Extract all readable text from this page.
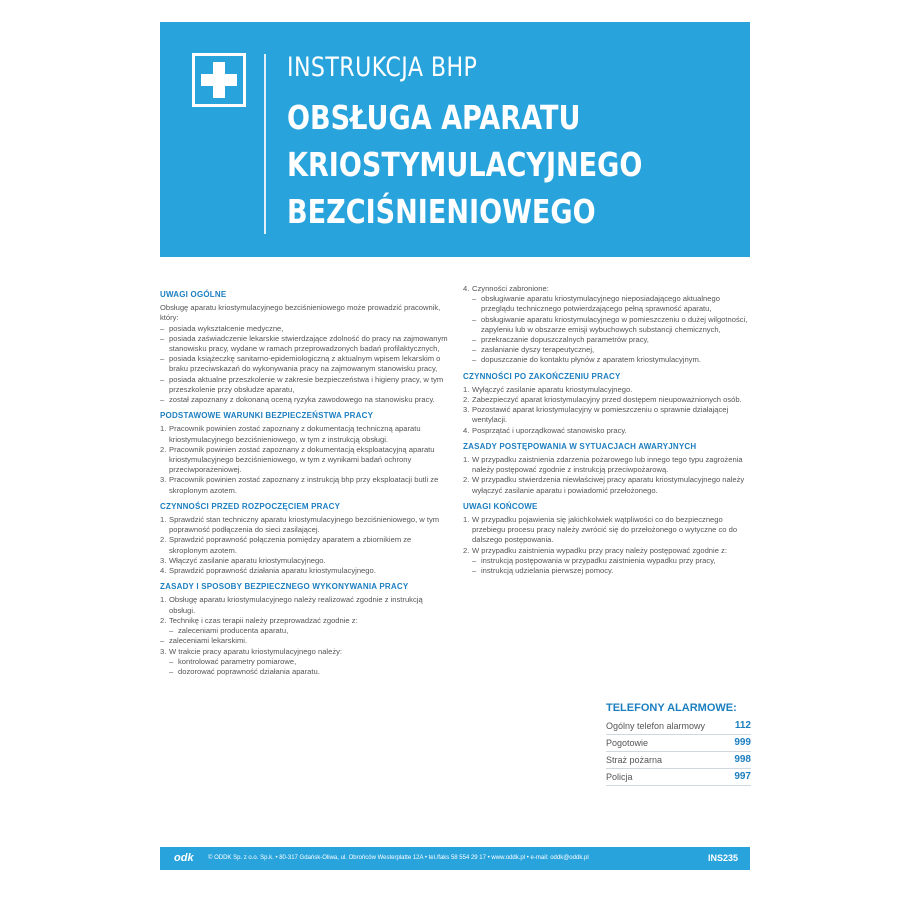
INSTRUKCJA BHP
OBSŁUGA APARATU
KRIOSTYMULACYJNEGO
BEZCIŚNIENIOWEGO
UWAGI OGÓLNE

Obsługę aparatu kriostymulacyjnego bezciśnieniowego może prowadzić pracownik, który:

– posiada wykształcenie medyczne,
– posiada zaświadczenie lekarskie stwierdzające zdolność do pracy na zajmowanym stanowisku pracy, wydane w ramach przeprowadzonych badań profilaktycznych,
– posiada książeczkę sanitarno-epidemiologiczną z aktualnym wpisem lekarskim o braku przeciwskazań do wykonywania pracy na zajmowanym stanowisku pracy,
– posiada aktualne przeszkolenie w zakresie bezpieczeństwa i higieny pracy, w tym przeszkolenie przy obsłudze aparatu,
– został zapoznany z dokonaną oceną ryzyka zawodowego na stanowisku pracy.
PODSTAWOWE WARUNKI BEZPIECZEŃSTWA PRACY
1. Pracownik powinien zostać zapoznany z dokumentacją techniczną aparatu kriostymulacyjnego bezciśnieniowego, w tym z instrukcją obsługi.
2. Pracownik powinien zostać zapoznany z dokumentacją eksploatacyjną aparatu kriostymulacyjnego bezciśnieniowego, w tym z wynikami badań ochrony przeciwporażeniowej.
3. Pracownik powinien zostać zapoznany z instrukcją bhp przy eksploatacji butli ze skroplonym azotem.
CZYNNOŚCI PRZED ROZPOCZĘCIEM PRACY
1. Sprawdzić stan techniczny aparatu kriostymulacyjnego bezciśnieniowego, w tym poprawność podłączenia do sieci zasilającej.
2. Sprawdzić poprawność połączenia pomiędzy aparatem a zbiornikiem ze skroplonym azotem.
3. Włączyć zasilanie aparatu kriostymulacyjnego.
4. Sprawdzić poprawność działania aparatu kriostymulacyjnego.
ZASADY I SPOSOBY BEZPIECZNEGO WYKONYWANIA PRACY
1. Obsługę aparatu kriostymulacyjnego należy realizować zgodnie z instrukcją obsługi.
2. Technikę i czas terapii należy przeprowadzać zgodnie z:
– zaleceniami producenta aparatu,
– zaleceniami lekarskimi.
3. W trakcie pracy aparatu kriostymulacyjnego należy:
– kontrolować parametry pomiarowe,
– dozorować poprawność działania aparatu.
4. Czynności zabronione:
– obsługiwanie aparatu kriostymulacyjnego nieposiadającego aktualnego przeglądu technicznego potwierdzającego pełną sprawność aparatu,
– obsługiwanie aparatu kriostymulacyjnego w pomieszczeniu o dużej wilgotności, zapyleniu lub w obszarze emisji wybuchowych substancji chemicznych,
– przekraczanie dopuszczalnych parametrów pracy,
– zasłanianie dyszy terapeutycznej,
– dopuszczanie do kontaktu płynów z aparatem kriostymulacyjnym.
CZYNNOŚCI PO ZAKOŃCZENIU PRACY
1. Wyłączyć zasilanie aparatu kriostymulacyjnego.
2. Zabezpieczyć aparat kriostymulacyjny przed dostępem nieupoważnionych osób.
3. Pozostawić aparat kriostymulacyjny w pomieszczeniu o sprawnie działającej wentylacji.
4. Posprzątać i uporządkować stanowisko pracy.
ZASADY POSTĘPOWANIA W SYTUACJACH AWARYJNYCH
1. W przypadku zaistnienia zdarzenia pożarowego lub innego tego typu zagrożenia należy postępować zgodnie z instrukcją przeciwpożarową.
2. W przypadku stwierdzenia niewłaściwej pracy aparatu kriostymulacyjnego należy wyłączyć zasilanie aparatu i powiadomić przełożonego.
UWAGI KOŃCOWE
1. W przypadku pojawienia się jakichkolwiek wątpliwości co do bezpiecznego przebiegu procesu pracy należy zwrócić się do przełożonego o wytyczne co do dalszego postępowania.
2. W przypadku zaistnienia wypadku przy pracy należy postępować zgodnie z:
– instrukcją postępowania w przypadku zaistnienia wypadku przy pracy,
– instrukcją udzielania pierwszej pomocy.
TELEFONY ALARMOWE:
Ogólny telefon alarmowy	112
Pogotowie	999
Straż pożarna	998
Policja	997
odk © ODDK Sp. z o.o. Sp.k. • 80-317 Gdańsk-Oliwa, ul. Obrońców Westerplatte 12A • tel./faks 58 554 29 17 • www.oddk.pl • e-mail: oddk@oddk.pl	INS235
